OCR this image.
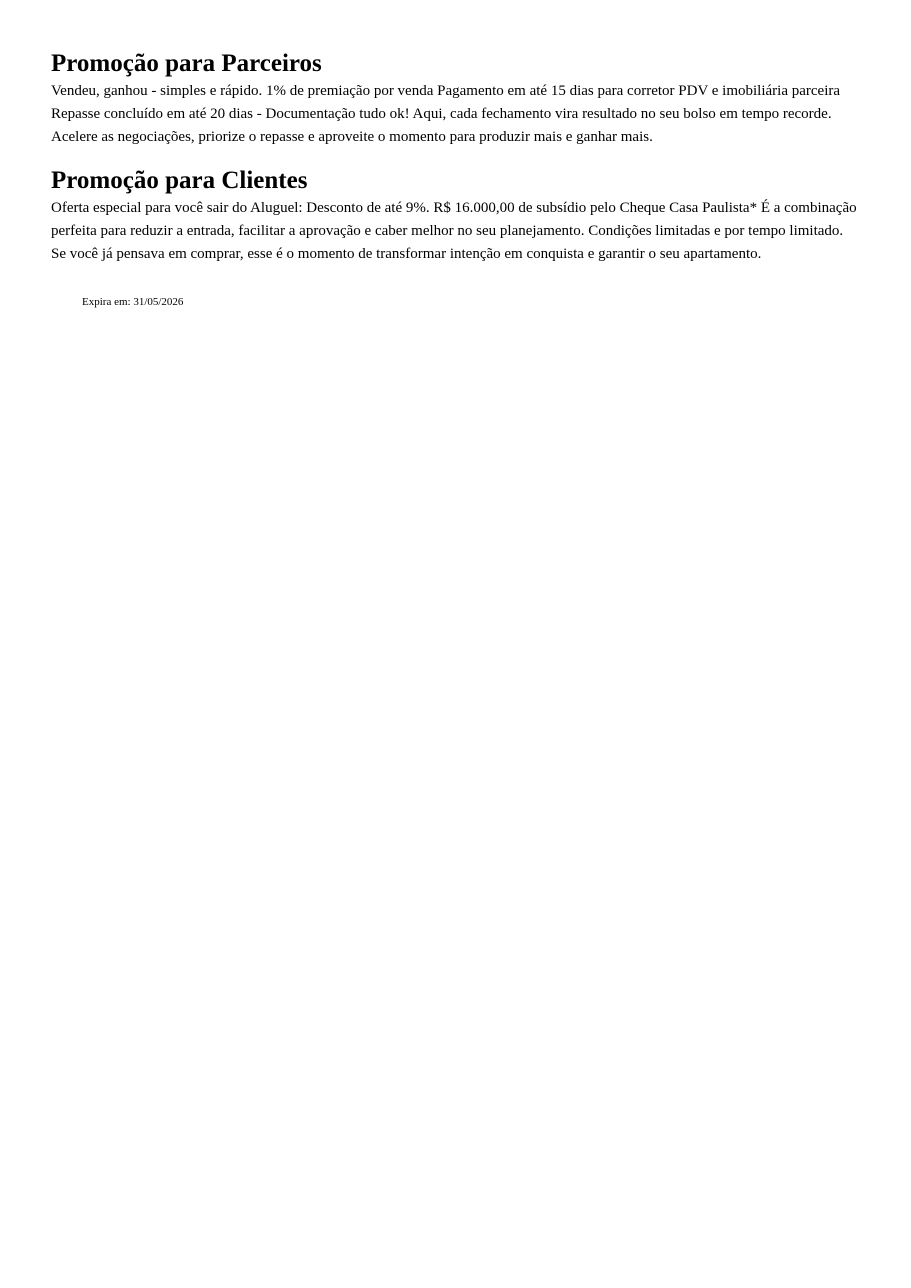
Promoção para Parceiros

Vendeu, ganhou - simples e rápido. 1% de premiação por venda Pagamento em até 15 dias para corretor PDV e imobiliária parceira Repasse concluído em até 20 dias - Documentação tudo ok! Aqui, cada fechamento vira resultado no seu bolso em tempo recorde. Acelere as negociações, priorize o repasse e aproveite o momento para produzir mais e ganhar mais.

Promoção para Clientes

Oferta especial para você sair do Aluguel: Desconto de até 9%. R$ 16.000,00 de subsídio pelo Cheque Casa Paulista* É a combinação perfeita para reduzir a entrada, facilitar a aprovação e caber melhor no seu planejamento. Condições limitadas e por tempo limitado. Se você já pensava em comprar, esse é o momento de transformar intenção em conquista e garantir o seu apartamento.

Expira em: 31/05/2026
